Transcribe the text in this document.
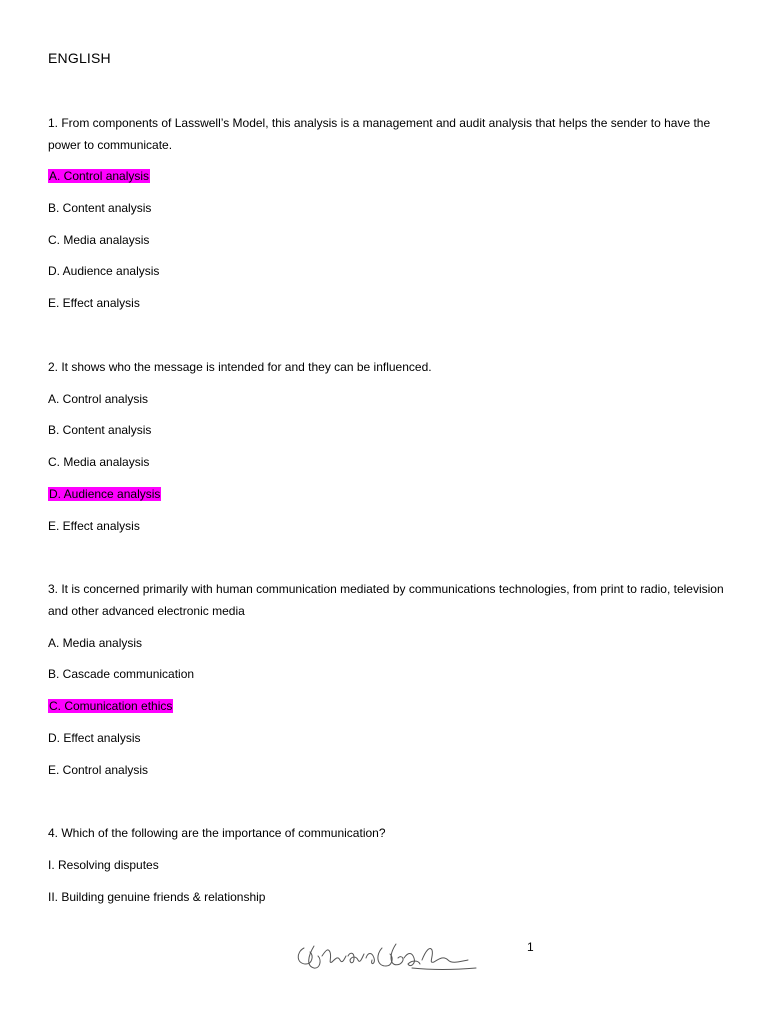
ENGLISH
1. From components of Lasswell’s Model, this analysis is a management and audit analysis that helps the sender to have the power to communicate.
A. Control analysis
B. Content analysis
C. Media analaysis
D. Audience analysis
E. Effect analysis
2. It shows who the message is intended for and they can be influenced.
A. Control analysis
B. Content analysis
C. Media analaysis
D. Audience analysis
E. Effect analysis
3. It is concerned primarily with human communication mediated by communications technologies, from print to radio, television and other advanced electronic media
A. Media analysis
B. Cascade communication
C. Comunication ethics
D. Effect analysis
E. Control analysis
4. Which of the following are the importance of communication?
I. Resolving disputes
II. Building genuine friends & relationship
1
